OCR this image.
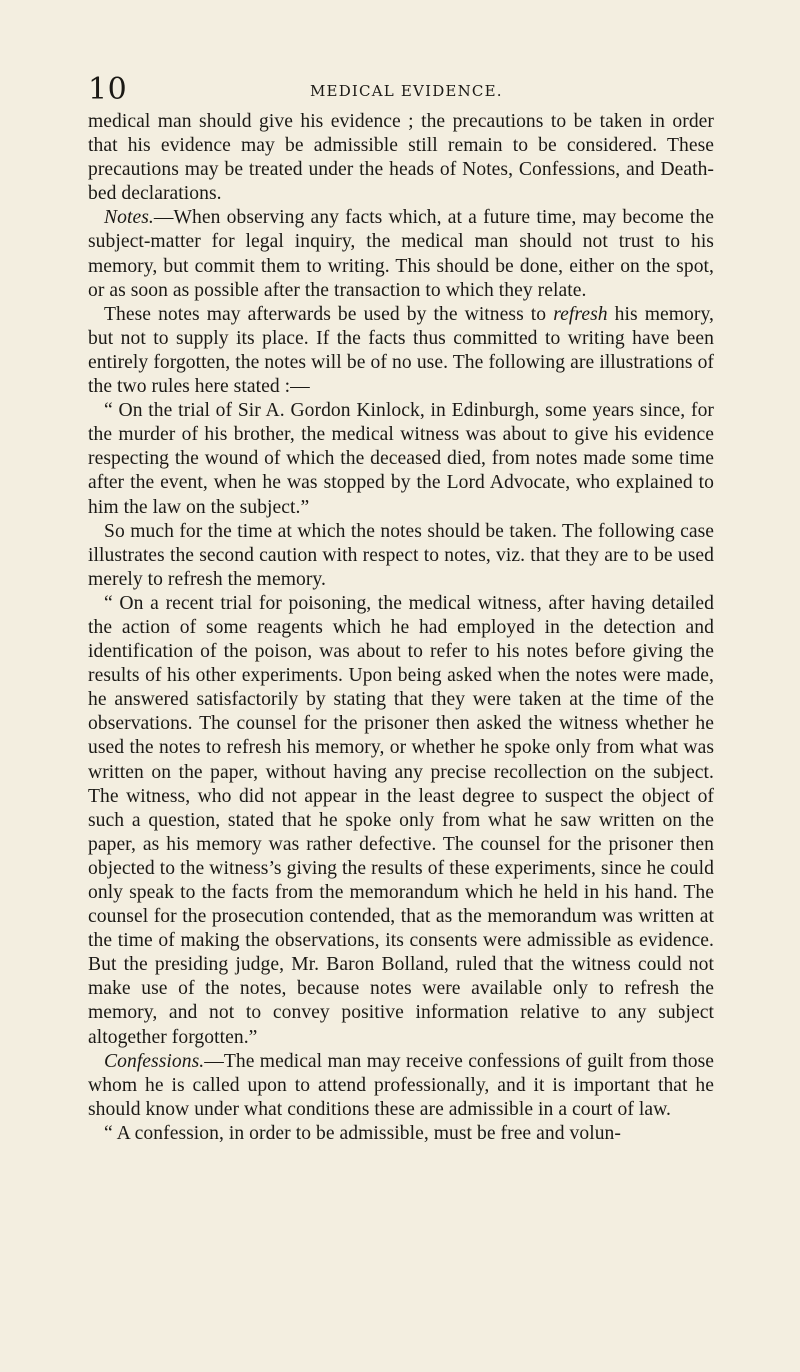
10	MEDICAL EVIDENCE.

medical man should give his evidence ; the precautions to be taken in order that his evidence may be admissible still remain to be considered. These precautions may be treated under the heads of Notes, Confessions, and Death-bed declarations.

Notes.—When observing any facts which, at a future time, may become the subject-matter for legal inquiry, the medical man should not trust to his memory, but commit them to writing. This should be done, either on the spot, or as soon as possible after the transaction to which they relate.

These notes may afterwards be used by the witness to refresh his memory, but not to supply its place. If the facts thus committed to writing have been entirely forgotten, the notes will be of no use. The following are illustrations of the two rules here stated :—

“ On the trial of Sir A. Gordon Kinlock, in Edinburgh, some years since, for the murder of his brother, the medical witness was about to give his evidence respecting the wound of which the deceased died, from notes made some time after the event, when he was stopped by the Lord Advocate, who explained to him the law on the subject.”

So much for the time at which the notes should be taken. The following case illustrates the second caution with respect to notes, viz. that they are to be used merely to refresh the memory.

“ On a recent trial for poisoning, the medical witness, after having detailed the action of some reagents which he had employed in the detection and identification of the poison, was about to refer to his notes before giving the results of his other experiments. Upon being asked when the notes were made, he answered satisfactorily by stating that they were taken at the time of the observations. The counsel for the prisoner then asked the witness whether he used the notes to refresh his memory, or whether he spoke only from what was written on the paper, without having any precise recollection on the subject. The witness, who did not appear in the least degree to suspect the object of such a question, stated that he spoke only from what he saw written on the paper, as his memory was rather defective. The counsel for the prisoner then objected to the witness’s giving the results of these experiments, since he could only speak to the facts from the memorandum which he held in his hand. The counsel for the prosecution contended, that as the memorandum was written at the time of making the observations, its consents were admissible as evidence. But the presiding judge, Mr. Baron Bolland, ruled that the witness could not make use of the notes, because notes were available only to refresh the memory, and not to convey positive information relative to any subject altogether forgotten.”

Confessions.—The medical man may receive confessions of guilt from those whom he is called upon to attend professionally, and it is important that he should know under what conditions these are admissible in a court of law.

“ A confession, in order to be admissible, must be free and volun-
